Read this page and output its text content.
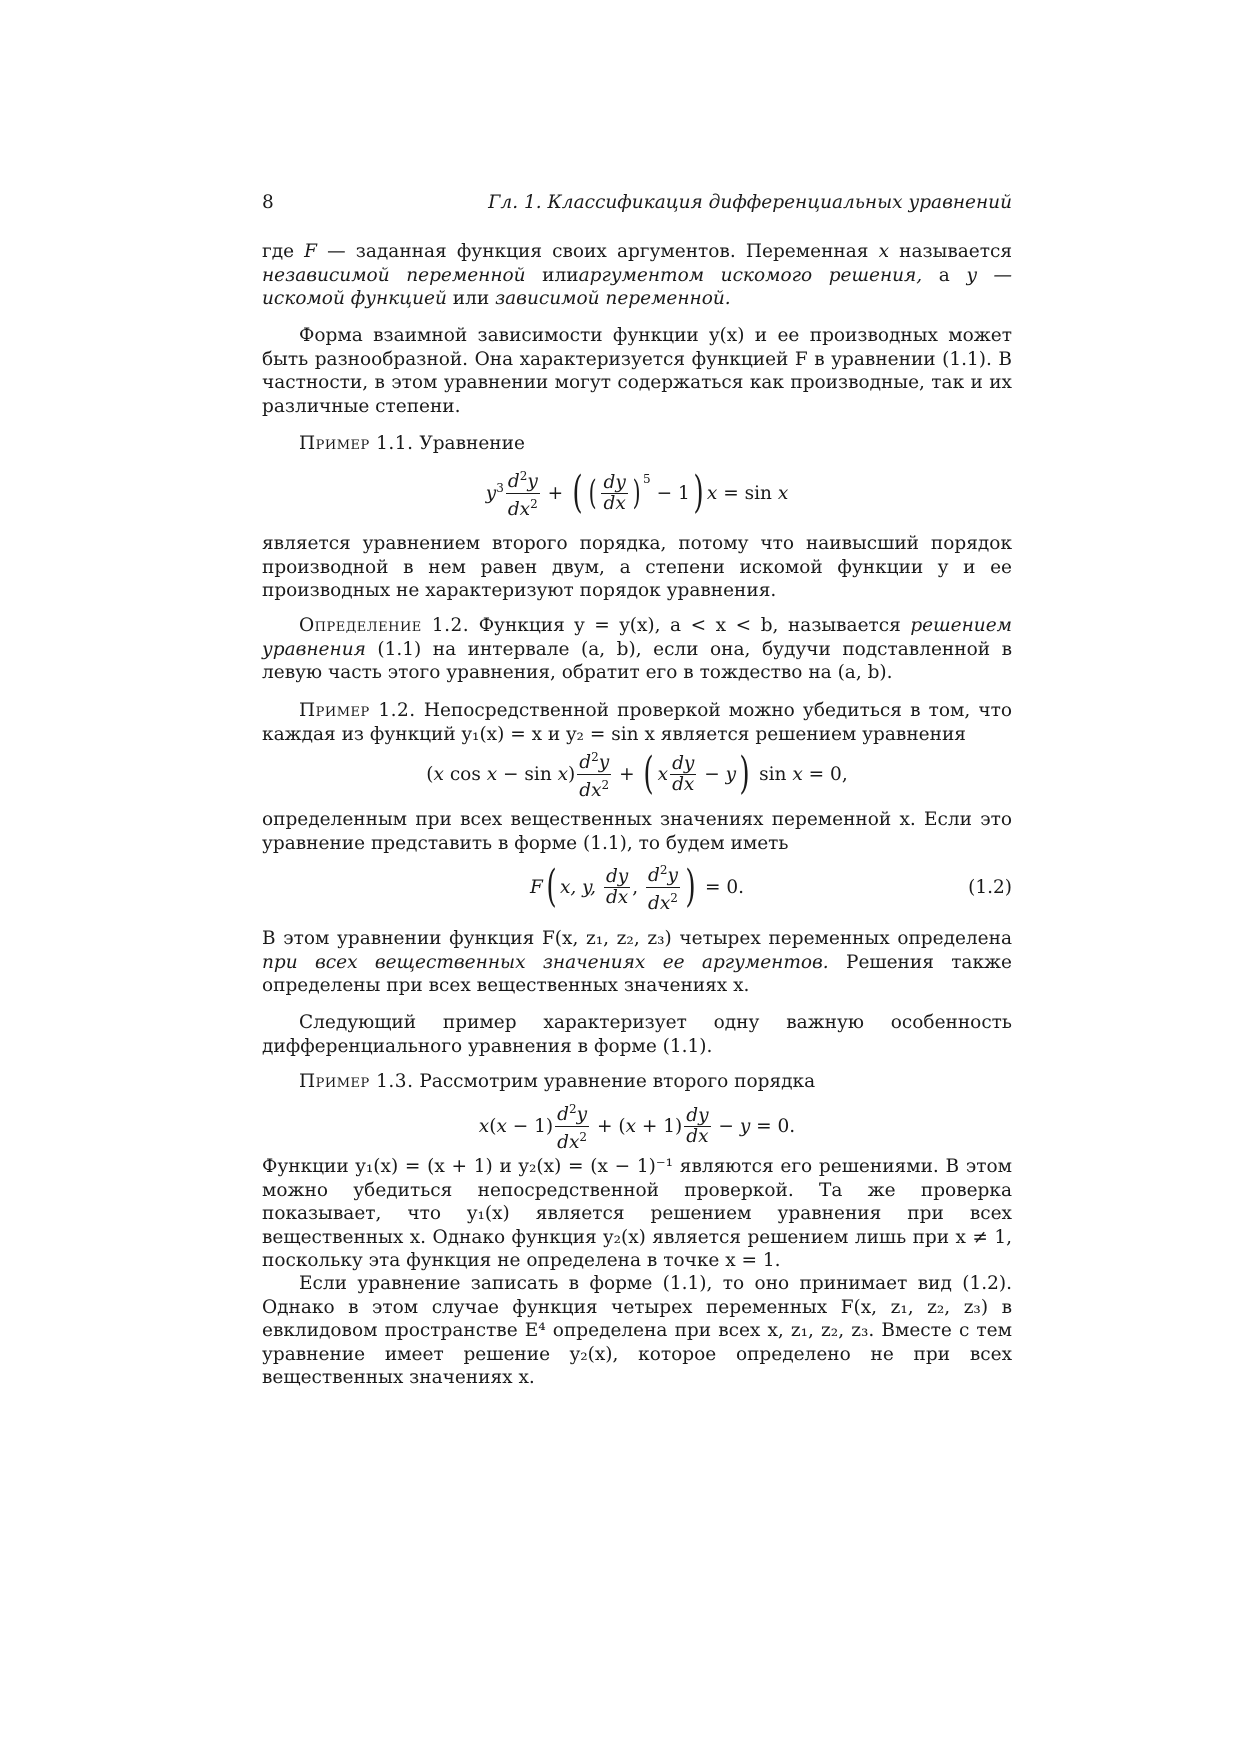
8	Гл. 1. Классификация дифференциальных уравнений

где F — заданная функция своих аргументов. Переменная x называется независимой переменной илиаргументом искомого решения, а y — искомой функцией или зависимой переменной.

Форма взаимной зависимости функции y(x) и ее производных может быть разнообразной. Она характеризуется функцией F в уравнении (1.1). В частности, в этом уравнении могут содержаться как производные, так и их различные степени.

Пример 1.1. Уравнение

$y^3 \frac{d^2y}{dx^2}$ + ( ( $\frac{dy}{dx} )^5$
− 1 ) x = sin x

является уравнением второго порядка, потому что наивысший порядок производной в нем равен двум, а степени искомой функции y и ее производных не характеризуют порядок уравнения.

Определение 1.2. Функция y = y(x), a < x < b, называется решением уравнения (1.1) на интервале (a, b), если она, будучи подставленной в левую часть этого уравнения, обратит его в тождество на (a, b).

Пример 1.2. Непосредственной проверкой можно убедиться в том, что каждая из функций y₁(x) = x и y₂ = sin x является решением уравнения

( x cos x − sin x ) $\frac{d^2y}{dx^2}$ + ( x $\frac{dy}{dx} - y$ ) sin x = 0,

определенным при всех вещественных значениях переменной x. Если это уравнение представить в форме (1.1), то будем иметь

F ( x, y, $\frac{dy}{dx}$ , $\frac{d^2y}{dx^2}$ ) = 0.	(1.2)

В этом уравнении функция F(x, z₁, z₂, z₃) четырех переменных определена при всех вещественных значениях ее аргументов. Решения также определены при всех вещественных значениях x.

Следующий пример характеризует одну важную особенность дифференциального уравнения в форме (1.1).

Пример 1.3. Рассмотрим уравнение второго порядка

x ( $x - 1) \frac{d^2y}{dx^2}$ + ( $x + 1) \frac{dy}{dx} - y = 0$.

Функции y₁(x) = (x + 1) и y₂(x) = (x − 1)⁻¹ являются его решениями. В этом можно убедиться непосредственной проверкой. Та же проверка показывает, что y₁(x) является решением уравнения при всех вещественных x. Однако функция y₂(x) является решением лишь при x ≠ 1, поскольку эта функция не определена в точке x = 1.

Если уравнение записать в форме (1.1), то оно принимает вид (1.2). Однако в этом случае функция четырех переменных F(x, z₁, z₂, z₃) в евклидовом пространстве E⁴ определена при всех x, z₁, z₂, z₃. Вместе с тем уравнение имеет решение y₂(x), которое определено не при всех вещественных значениях x.
